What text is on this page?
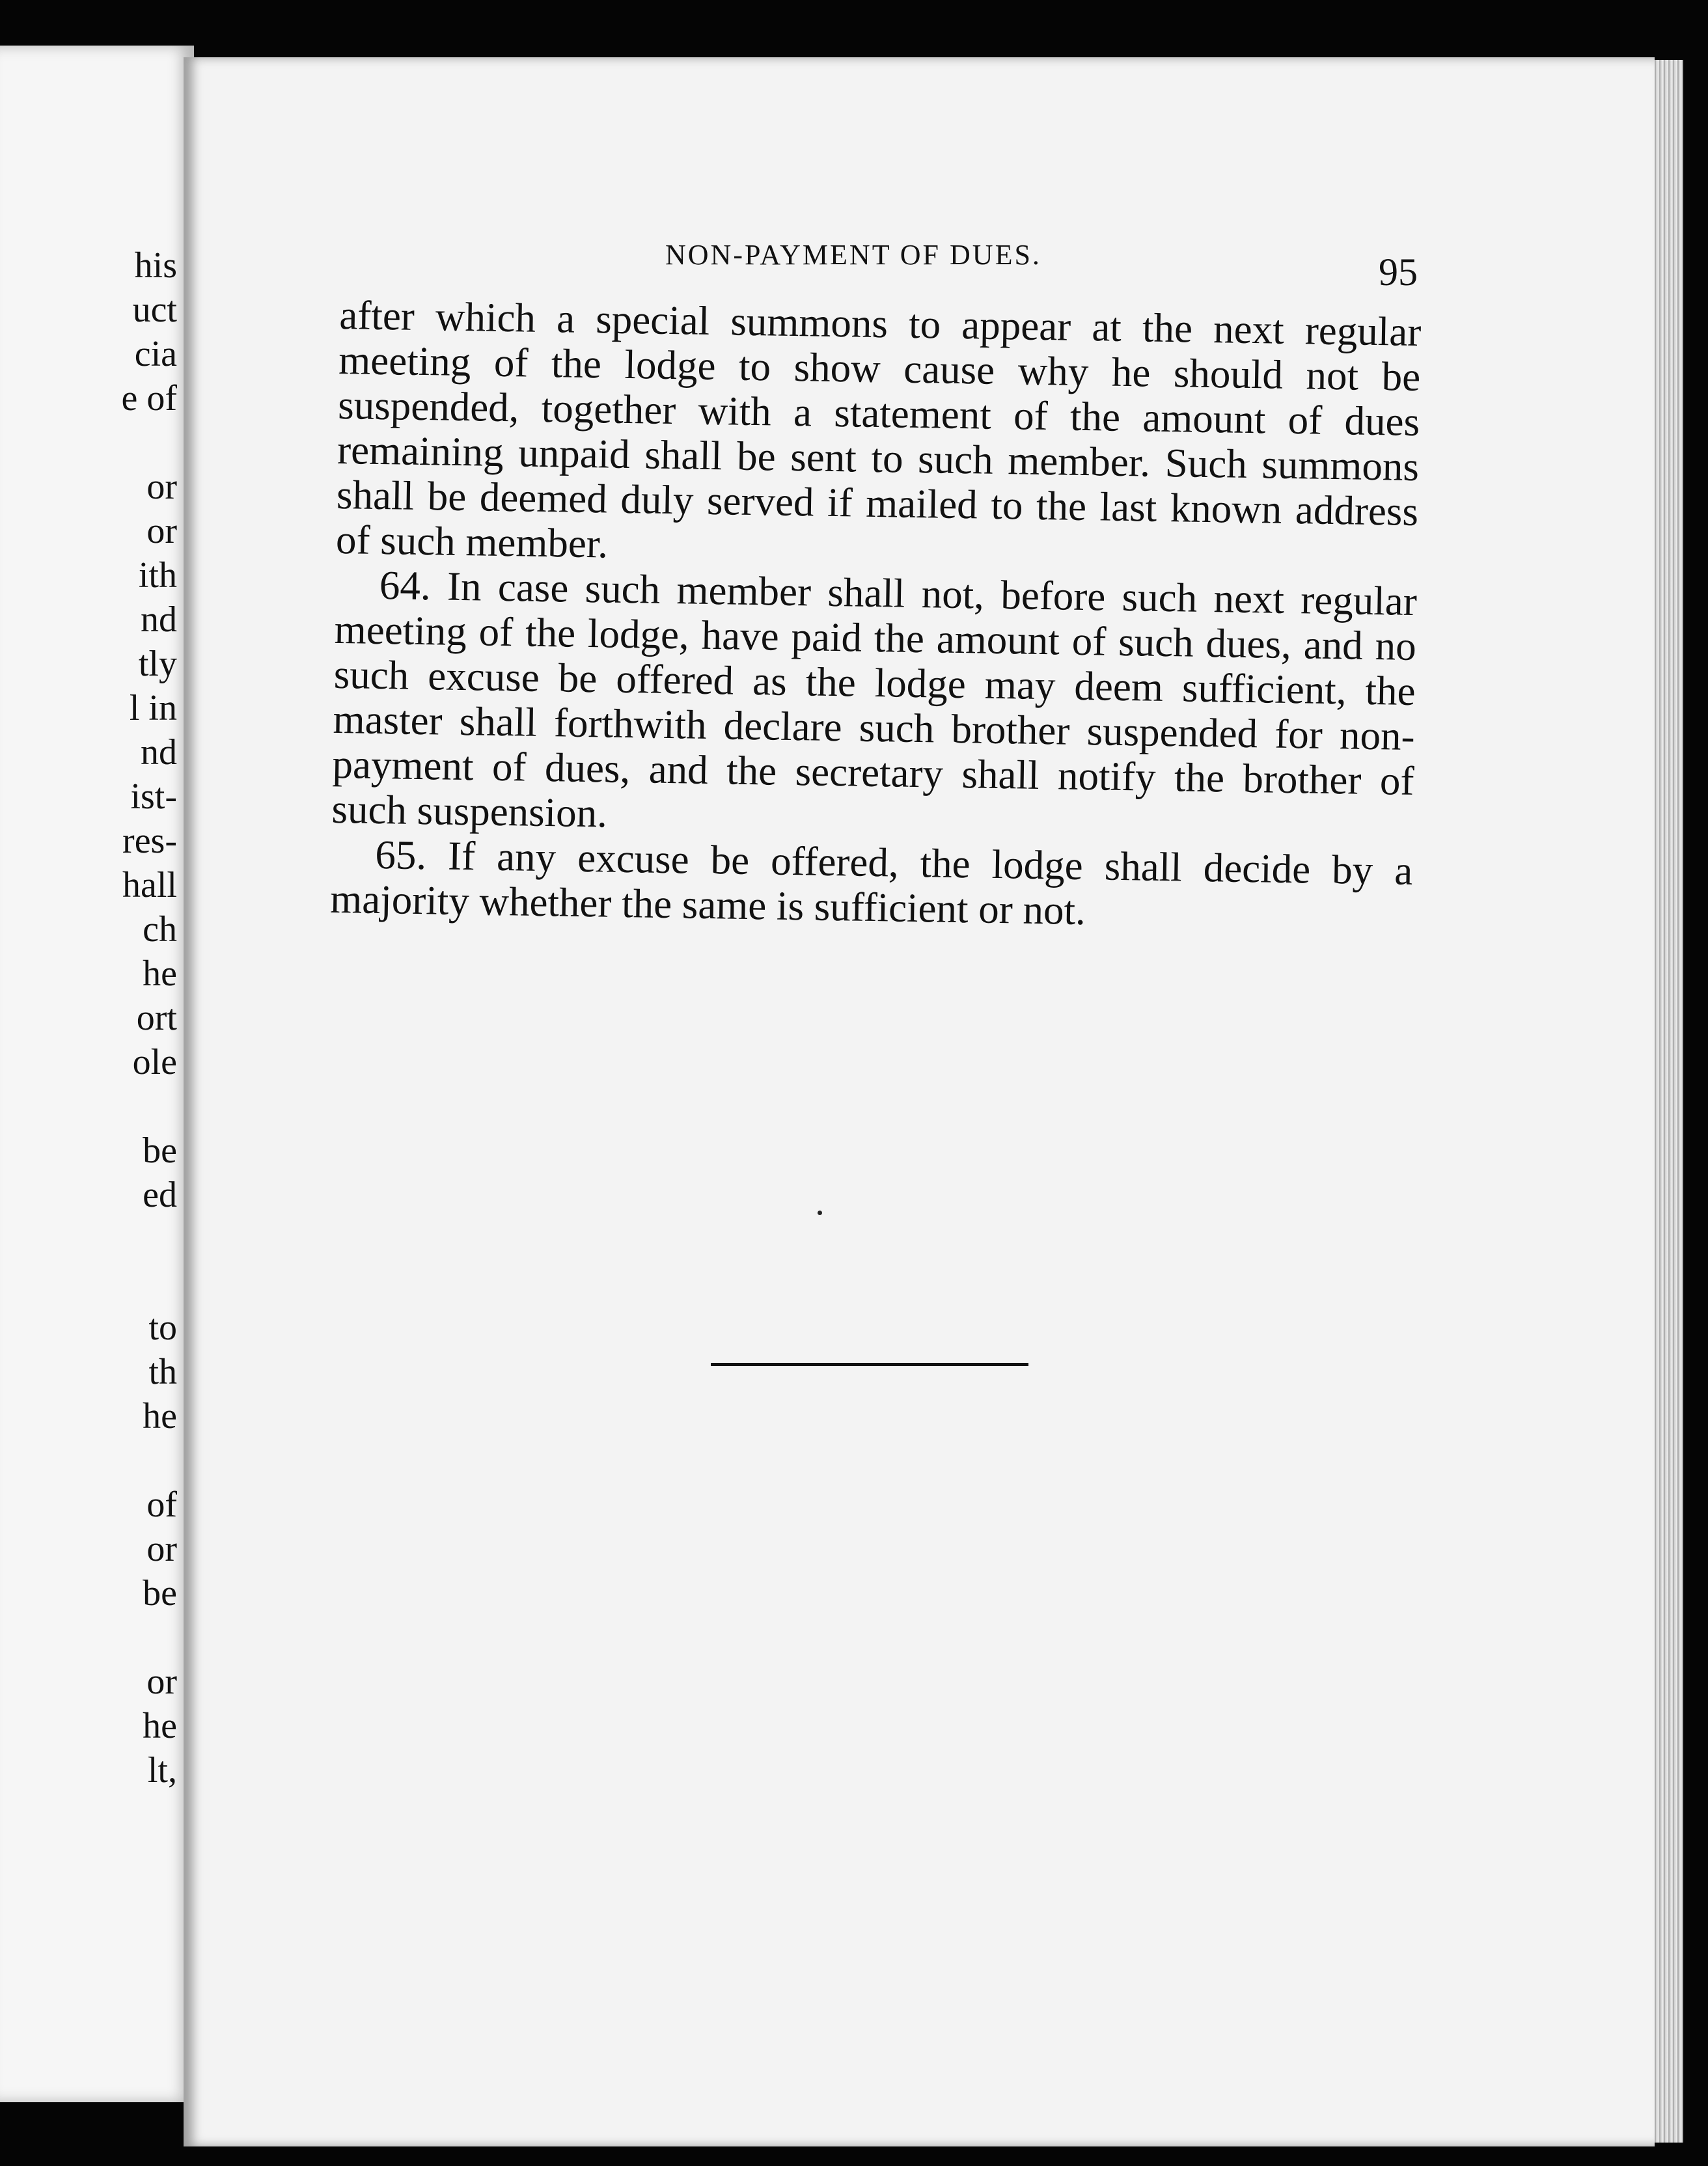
his

uct

cia

e of

or

or

ith

nd

tly

l in

nd

ist-

res-

hall

ch

he

ort

ole

be

ed

to

th

he

of

or

be

or

he

lt,

NON-PAYMENT OF DUES.	95

after which a special summons to appear at the next regular meeting of the lodge to show cause why he should not be suspended, together with a statement of the amount of dues remaining unpaid shall be sent to such member. Such summons shall be deemed duly served if mailed to the last known address of such member.

64. In case such member shall not, before such next regular meeting of the lodge, have paid the amount of such dues, and no such excuse be offered as the lodge may deem sufficient, the master shall forthwith declare such brother suspended for non-payment of dues, and the secretary shall notify the brother of such suspension.

65. If any excuse be offered, the lodge shall decide by a majority whether the same is sufficient or not.
